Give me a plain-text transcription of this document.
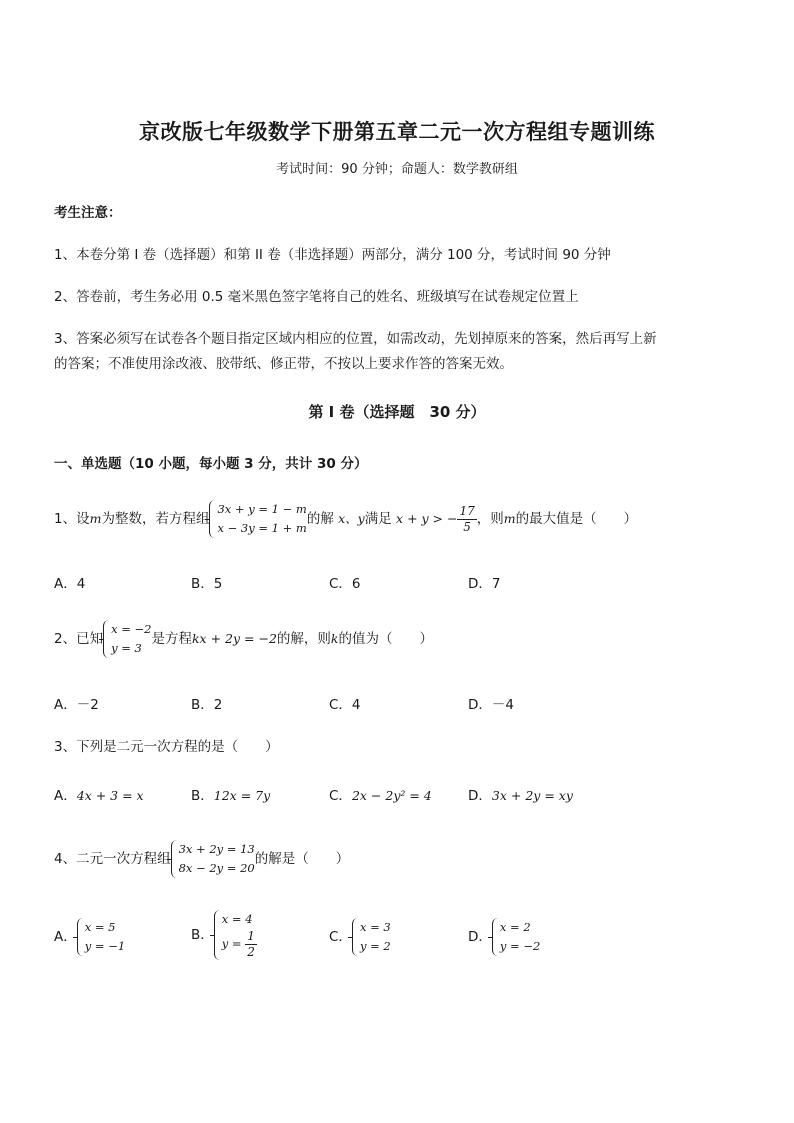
京改版七年级数学下册第五章二元一次方程组专题训练
考试时间：90 分钟；命题人：数学教研组
考生注意：
1、本卷分第 I 卷（选择题）和第 II 卷（非选择题）两部分，满分 100 分，考试时间 90 分钟
2、答卷前，考生务必用 0.5 毫米黑色签字笔将自己的姓名、班级填写在试卷规定位置上
3、答案必须写在试卷各个题目指定区域内相应的位置，如需改动，先划掉原来的答案，然后再写上新
的答案；不准使用涂改液、胶带纸、修正带，不按以上要求作答的答案无效。
第 I 卷（选择题　30 分）
一、单选题（10 小题，每小题 3 分，共计 30 分）
1、设m为整数，若方程组
3x + y = 1 − m
x − 3y = 1 + m
的解 x、y满足 x + y > − $\frac{17}{5}$ ，则m的最大值是（　　）
A．4	B．5	C．6	D．7
2、已知
x = −2
y = 3
是方程kx + 2y = −2的解，则k的值为（　　）
A．－2	B．2	C．4	D．－4
3、下列是二元一次方程的是（　　）
A．4x + 3 = x	B．12x = 7y	C．2x − 2y² = 4	D．3x + 2y = xy
4、二元一次方程组
3x + 2y = 13
8x − 2y = 20
的解是（　　）
A．
x = 5
y = −1
B．
x = 4
$y = \frac{1}{2}$	C．
x = 3
y = 2
D．
x = 2
y = −2
